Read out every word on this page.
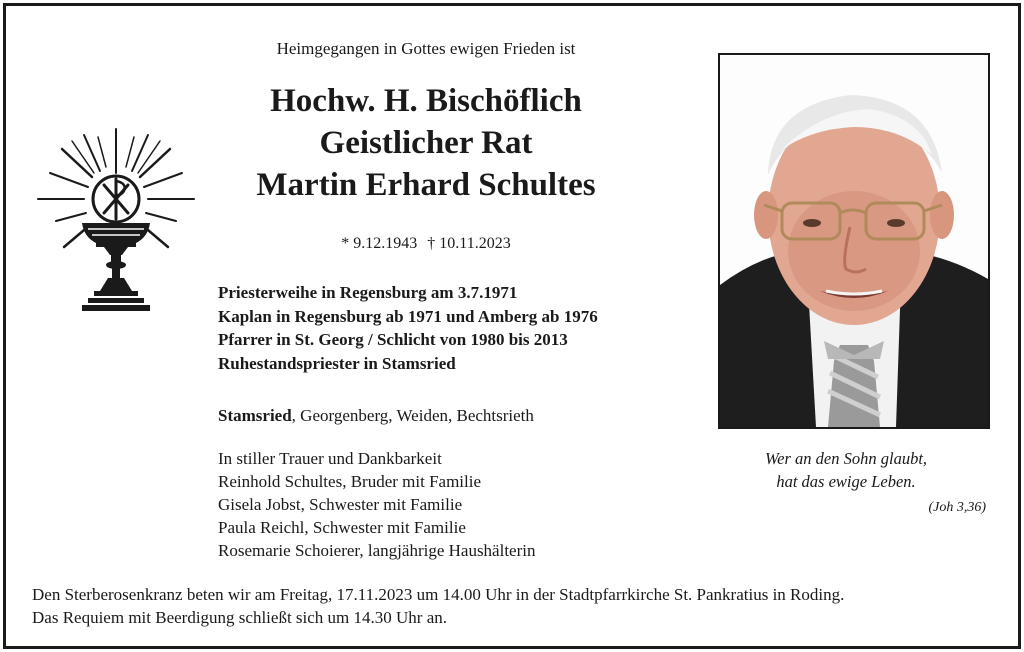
Heimgegangen in Gottes ewigen Frieden ist
Hochw. H. Bischöflich
Geistlicher Rat
Martin Erhard Schultes
* 9.12.1943 † 10.11.2023
Priesterweihe in Regensburg am 3.7.1971
Kaplan in Regensburg ab 1971 und Amberg ab 1976
Pfarrer in St. Georg / Schlicht von 1980 bis 2013
Ruhestandspriester in Stamsried
Stamsried, Georgenberg, Weiden, Bechtsrieth
In stiller Trauer und Dankbarkeit
Reinhold Schultes, Bruder mit Familie
Gisela Jobst, Schwester mit Familie
Paula Reichl, Schwester mit Familie
Rosemarie Schoierer, langjährige Haushälterin
Wer an den Sohn glaubt,
hat das ewige Leben.
(Joh 3,36)
Den Sterberosenkranz beten wir am Freitag, 17.11.2023 um 14.00 Uhr in der Stadtpfarrkirche St. Pankratius in Roding.
Das Requiem mit Beerdigung schließt sich um 14.30 Uhr an.
